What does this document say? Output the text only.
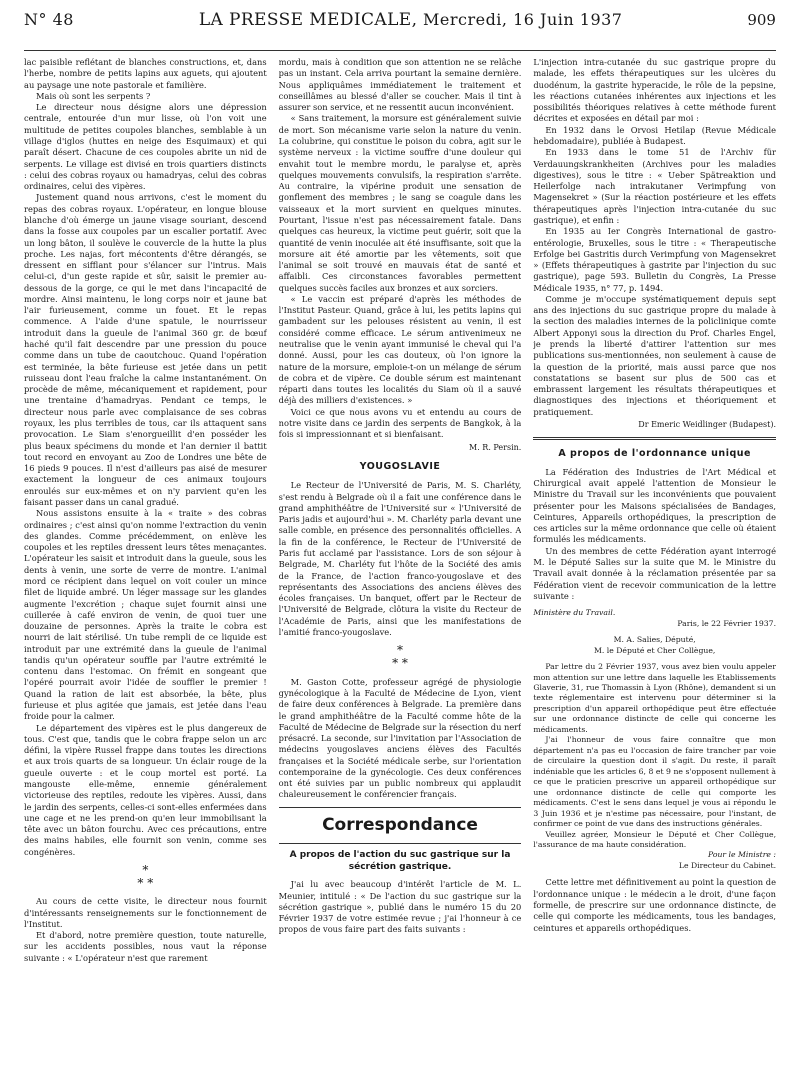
N° 48	LA PRESSE MEDICALE, Mercredi, 16 Juin 1937	909

lac paisible reflétant de blanches constructions, et, dans l'herbe, nombre de petits lapins aux aguets, qui ajoutent au paysage une note pastorale et familière.

Mais où sont les serpents ?

Le directeur nous désigne alors une dépression centrale, entourée d'un mur lisse, où l'on voit une multitude de petites coupoles blanches, semblable à un village d'iglos (huttes en neige des Esquimaux) et qui paraît désert. Chacune de ces coupoles abrite un nid de serpents. Le village est divisé en trois quartiers distincts : celui des cobras royaux ou hamadryas, celui des cobras ordinaires, celui des vipères.

Justement quand nous arrivons, c'est le moment du repas des cobras royaux. L'opérateur, en longue blouse blanche d'où émerge un jaune visage souriant, descend dans la fosse aux coupoles par un escalier portatif. Avec un long bâton, il soulève le couvercle de la hutte la plus proche. Les najas, fort mécontents d'être dérangés, se dressent en sifflant pour s'élancer sur l'intrus. Mais celui-ci, d'un geste rapide et sûr, saisit le premier au-dessous de la gorge, ce qui le met dans l'incapacité de mordre. Ainsi maintenu, le long corps noir et jaune bat l'air furieusement, comme un fouet. Et le repas commence. A l'aide d'une spatule, le nourrisseur introduit dans la gueule de l'animal 360 gr. de bœuf haché qu'il fait descendre par une pression du pouce comme dans un tube de caoutchouc. Quand l'opération est terminée, la bête furieuse est jetée dans un petit ruisseau dont l'eau fraîche la calme instantanément. On procède de même, mécaniquement et rapidement, pour une trentaine d'hamadryas. Pendant ce temps, le directeur nous parle avec complaisance de ses cobras royaux, les plus terribles de tous, car ils attaquent sans provocation. Le Siam s'enorgueillit d'en posséder les plus beaux spécimens du monde et l'an dernier il battit tout record en envoyant au Zoo de Londres une bête de 16 pieds 9 pouces. Il n'est d'ailleurs pas aisé de mesurer exactement la longueur de ces animaux toujours enroulés sur eux-mêmes et on n'y parvient qu'en les faisant passer dans un canal gradué.

Nous assistons ensuite à la « traite » des cobras ordinaires ; c'est ainsi qu'on nomme l'extraction du venin des glandes. Comme précédemment, on enlève les coupoles et les reptiles dressent leurs têtes menaçantes. L'opérateur les saisit et introduit dans la gueule, sous les dents à venin, une sorte de verre de montre. L'animal mord ce récipient dans lequel on voit couler un mince filet de liquide ambré. Un léger massage sur les glandes augmente l'excrétion ; chaque sujet fournit ainsi une cuillerée à café environ de venin, de quoi tuer une douzaine de personnes. Après la traite le cobra est nourri de lait stérilisé. Un tube rempli de ce liquide est introduit par une extrémité dans la gueule de l'animal tandis qu'un opérateur souffle par l'autre extrémité le contenu dans l'estomac. On frémit en songeant que l'opéré pourrait avoir l'idée de souffler le premier ! Quand la ration de lait est absorbée, la bête, plus furieuse et plus agitée que jamais, est jetée dans l'eau froide pour la calmer.

Le département des vipères est le plus dangereux de tous. C'est que, tandis que le cobra frappe selon un arc défini, la vipère Russel frappe dans toutes les directions et aux trois quarts de sa longueur. Un éclair rouge de la gueule ouverte : et le coup mortel est porté. La mangouste elle-même, ennemie généralement victorieuse des reptiles, redoute les vipères. Aussi, dans le jardin des serpents, celles-ci sont-elles enfermées dans une cage et ne les prend-on qu'en leur immobilisant la tête avec un bâton fourchu. Avec ces précautions, entre des mains habiles, elle fournit son venin, comme ses congénères.

*
* *

Au cours de cette visite, le directeur nous fournit d'intéressants renseignements sur le fonctionnement de l'Institut.

Et d'abord, notre première question, toute naturelle, sur les accidents possibles, nous vaut la réponse suivante : « L'opérateur n'est que rarement

mordu, mais à condition que son attention ne se relâche pas un instant. Cela arriva pourtant la semaine dernière. Nous appliquâmes immédiatement le traitement et conseillâmes au blessé d'aller se coucher. Mais il tint à assurer son service, et ne ressentit aucun inconvénient.

« Sans traitement, la morsure est généralement suivie de mort. Son mécanisme varie selon la nature du venin. La colubrine, qui constitue le poison du cobra, agit sur le système nerveux : la victime souffre d'une douleur qui envahit tout le membre mordu, le paralyse et, après quelques mouvements convulsifs, la respiration s'arrête. Au contraire, la vipérine produit une sensation de gonflement des membres ; le sang se coagule dans les vaisseaux et la mort survient en quelques minutes. Pourtant, l'issue n'est pas nécessairement fatale. Dans quelques cas heureux, la victime peut guérir, soit que la quantité de venin inoculée ait été insuffisante, soit que la morsure ait été amortie par les vêtements, soit que l'animal se soit trouvé en mauvais état de santé et affaibli. Ces circonstances favorables permettent quelques succès faciles aux bronzes et aux sorciers.

« Le vaccin est préparé d'après les méthodes de l'Institut Pasteur. Quand, grâce à lui, les petits lapins qui gambadent sur les pelouses résistent au venin, il est considéré comme efficace. Le sérum antivenimeux ne neutralise que le venin ayant immunisé le cheval qui l'a donné. Aussi, pour les cas douteux, où l'on ignore la nature de la morsure, emploie-t-on un mélange de sérum de cobra et de vipère. Ce double sérum est maintenant réparti dans toutes les localités du Siam où il a sauvé déjà des milliers d'existences. »

Voici ce que nous avons vu et entendu au cours de notre visite dans ce jardin des serpents de Bangkok, à la fois si impressionnant et si bienfaisant.

M. R. Persin.
YOUGOSLAVIE

Le Recteur de l'Université de Paris, M. S. Charléty, s'est rendu à Belgrade où il a fait une conférence dans le grand amphithéâtre de l'Université sur « l'Université de Paris jadis et aujourd'hui ». M. Charléty parla devant une salle comble, en présence des personnalités officielles. A la fin de la conférence, le Recteur de l'Université de Paris fut acclamé par l'assistance. Lors de son séjour à Belgrade, M. Charléty fut l'hôte de la Société des amis de la France, de l'action franco-yougoslave et des représentants des Associations des anciens élèves des écoles françaises. Un banquet, offert par le Recteur de l'Université de Belgrade, clôtura la visite du Recteur de l'Académie de Paris, ainsi que les manifestations de l'amitié franco-yougoslave.

*
* *

M. Gaston Cotte, professeur agrégé de physiologie gynécologique à la Faculté de Médecine de Lyon, vient de faire deux conférences à Belgrade. La première dans le grand amphithéâtre de la Faculté comme hôte de la Faculté de Médecine de Belgrade sur la résection du nerf présacré. La seconde, sur l'invitation par l'Association de médecins yougoslaves anciens élèves des Facultés françaises et la Société médicale serbe, sur l'orientation contemporaine de la gynécologie. Ces deux conférences ont été suivies par un public nombreux qui applaudit chaleureusement le conférencier français.

Correspondance
A propos de l'action du suc gastrique sur la sécrétion gastrique.

J'ai lu avec beaucoup d'intérêt l'article de M. L. Meunier, intitulé : « De l'action du suc gastrique sur la sécrétion gastrique », publié dans le numéro 15 du 20 Février 1937 de votre estimée revue ; j'ai l'honneur à ce propos de vous faire part des faits suivants :

L'injection intra-cutanée du suc gastrique propre du malade, les effets thérapeutiques sur les ulcères du duodénum, la gastrite hyperacide, le rôle de la pepsine, les réactions cutanées inhérentes aux injections et les possibilités théoriques relatives à cette méthode furent décrites et exposées en détail par moi :

En 1932 dans le Orvosi Hetilap (Revue Médicale hebdomadaire), publiée à Budapest.

En 1933 dans le tome 51 de l'Archiv für Verdauungskrankheiten (Archives pour les maladies digestives), sous le titre : « Ueber Spätreaktion und Heilerfolge nach intrakutaner Verimpfung von Magensekret » (Sur la réaction postérieure et les effets thérapeutiques après l'injection intra-cutanée du suc gastrique), et enfin :

En 1935 au Ier Congrès International de gastro-entérologie, Bruxelles, sous le titre : « Therapeutische Erfolge bei Gastritis durch Verimpfung von Magensekret » (Effets thérapeutiques à gastrite par l'injection du suc gastrique), page 593. Bulletin du Congrès, La Presse Médicale 1935, n° 77, p. 1494.

Comme je m'occupe systématiquement depuis sept ans des injections du suc gastrique propre du malade à la section des maladies internes de la policlinique comte Albert Apponyi sous la direction du Prof. Charles Engel, je prends la liberté d'attirer l'attention sur mes publications sus-mentionnées, non seulement à cause de la question de la priorité, mais aussi parce que nos constatations se basent sur plus de 500 cas et embrassent largement les résultats thérapeutiques et diagnostiques des injections et théoriquement et pratiquement.

Dr Emeric Weidlinger (Budapest).
A propos de l'ordonnance unique

La Fédération des Industries de l'Art Médical et Chirurgical avait appelé l'attention de Monsieur le Ministre du Travail sur les inconvénients que pouvaient présenter pour les Maisons spécialisées de Bandages, Ceintures, Appareils orthopédiques, la prescription de ces articles sur la même ordonnance que celle où étaient formulés les médicaments.

Un des membres de cette Fédération ayant interrogé M. le Député Salies sur la suite que M. le Ministre du Travail avait donnée à la réclamation présentée par sa Fédération vient de recevoir communication de la lettre suivante :

Ministère du Travail.
Paris, le 22 Février 1937.
M. A. Salies, Député,
M. le Député et Cher Collègue,

Par lettre du 2 Février 1937, vous avez bien voulu appeler mon attention sur une lettre dans laquelle les Etablissements Glaverie, 31, rue Thomassin à Lyon (Rhône), demandent si un texte réglementaire est intervenu pour déterminer si la prescription d'un appareil orthopédique peut être effectuée sur une ordonnance distincte de celle qui concerne les médicaments.

J'ai l'honneur de vous faire connaître que mon département n'a pas eu l'occasion de faire trancher par voie de circulaire la question dont il s'agit. Du reste, il paraît indéniable que les articles 6, 8 et 9 ne s'opposent nullement à ce que le praticien prescrive un appareil orthopédique sur une ordonnance distincte de celle qui comporte les médicaments. C'est le sens dans lequel je vous ai répondu le 3 Juin 1936 et je n'estime pas nécessaire, pour l'instant, de confirmer ce point de vue dans des instructions générales.

Veuillez agréer, Monsieur le Député et Cher Collègue, l'assurance de ma haute considération.

Pour le Ministre :
Le Directeur du Cabinet.

Cette lettre met définitivement au point la question de l'ordonnance unique : le médecin a le droit, d'une façon formelle, de prescrire sur une ordonnance distincte, de celle qui comporte les médicaments, tous les bandages, ceintures et appareils orthopédiques.
